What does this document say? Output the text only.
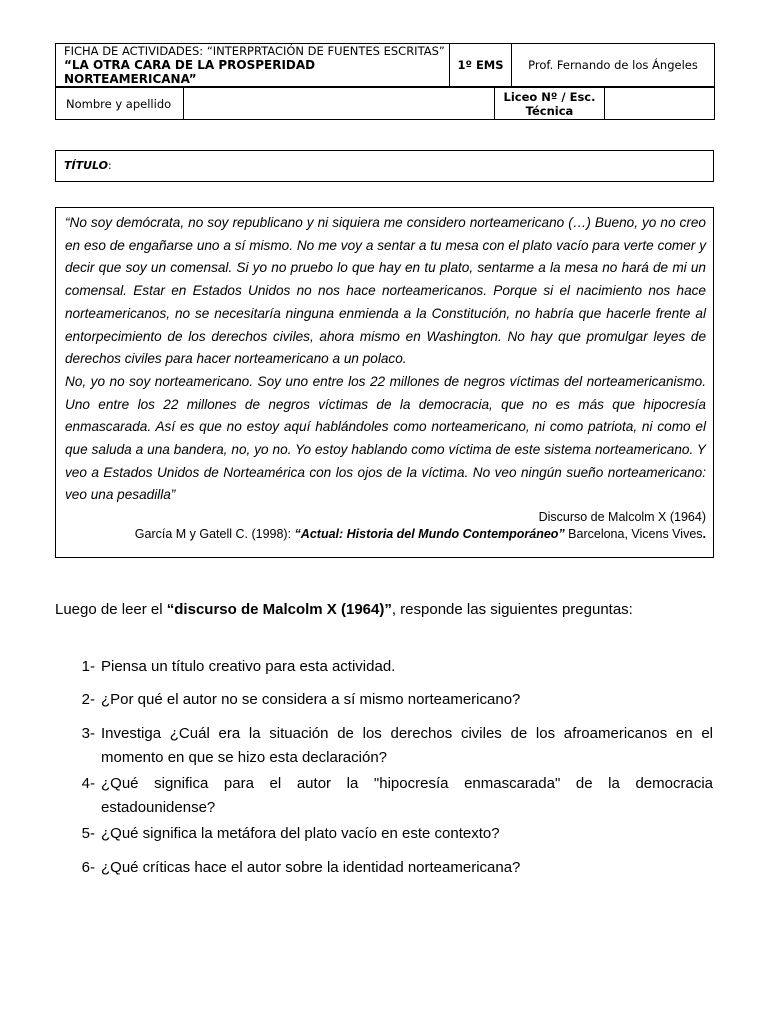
FICHA DE ACTIVIDADES: “INTERPRTACIÓN DE FUENTES ESCRITAS”
“LA OTRA CARA DE LA PROSPERIDAD NORTEAMERICANA”
	1º EMS	Prof. Fernando de los Ángeles
Nombre y apellido		Liceo Nº / Esc.
Técnica

TÍTULO:

“No soy demócrata, no soy republicano y ni siquiera me considero norteamericano (…) Bueno, yo no creo en eso de engañarse uno a sí mismo. No me voy a sentar a tu mesa con el plato vacío para verte comer y decir que soy un comensal. Si yo no pruebo lo que hay en tu plato, sentarme a la mesa no hará de mi un comensal. Estar en Estados Unidos no nos hace norteamericanos. Porque si el nacimiento nos hace norteamericanos, no se necesitaría ninguna enmienda a la Constitución, no habría que hacerle frente al entorpecimiento de los derechos civiles, ahora mismo en Washington. No hay que promulgar leyes de derechos civiles para hacer norteamericano a un polaco.

No, yo no soy norteamericano. Soy uno entre los 22 millones de negros víctimas del norteamericanismo. Uno entre los 22 millones de negros víctimas de la democracia, que no es más que hipocresía enmascarada. Así es que no estoy aquí hablándoles como norteamericano, ni como patriota, ni como el que saluda a una bandera, no, yo no. Yo estoy hablando como víctima de este sistema norteamericano. Y veo a Estados Unidos de Norteamérica con los ojos de la víctima. No veo ningún sueño norteamericano: veo una pesadilla”

Discurso de Malcolm X (1964)
García M y Gatell C. (1998): “Actual: Historia del Mundo Contemporáneo” Barcelona, Vicens Vives.
Luego de leer el “discurso de Malcolm X (1964)”, responde las siguientes preguntas:
1- Piensa un título creativo para esta actividad.
2- ¿Por qué el autor no se considera a sí mismo norteamericano?
3- Investiga ¿Cuál era la situación de los derechos civiles de los afroamericanos en el momento en que se hizo esta declaración?
4- ¿Qué significa para el autor la "hipocresía enmascarada" de la democracia estadounidense?
5- ¿Qué significa la metáfora del plato vacío en este contexto?
6- ¿Qué críticas hace el autor sobre la identidad norteamericana?
